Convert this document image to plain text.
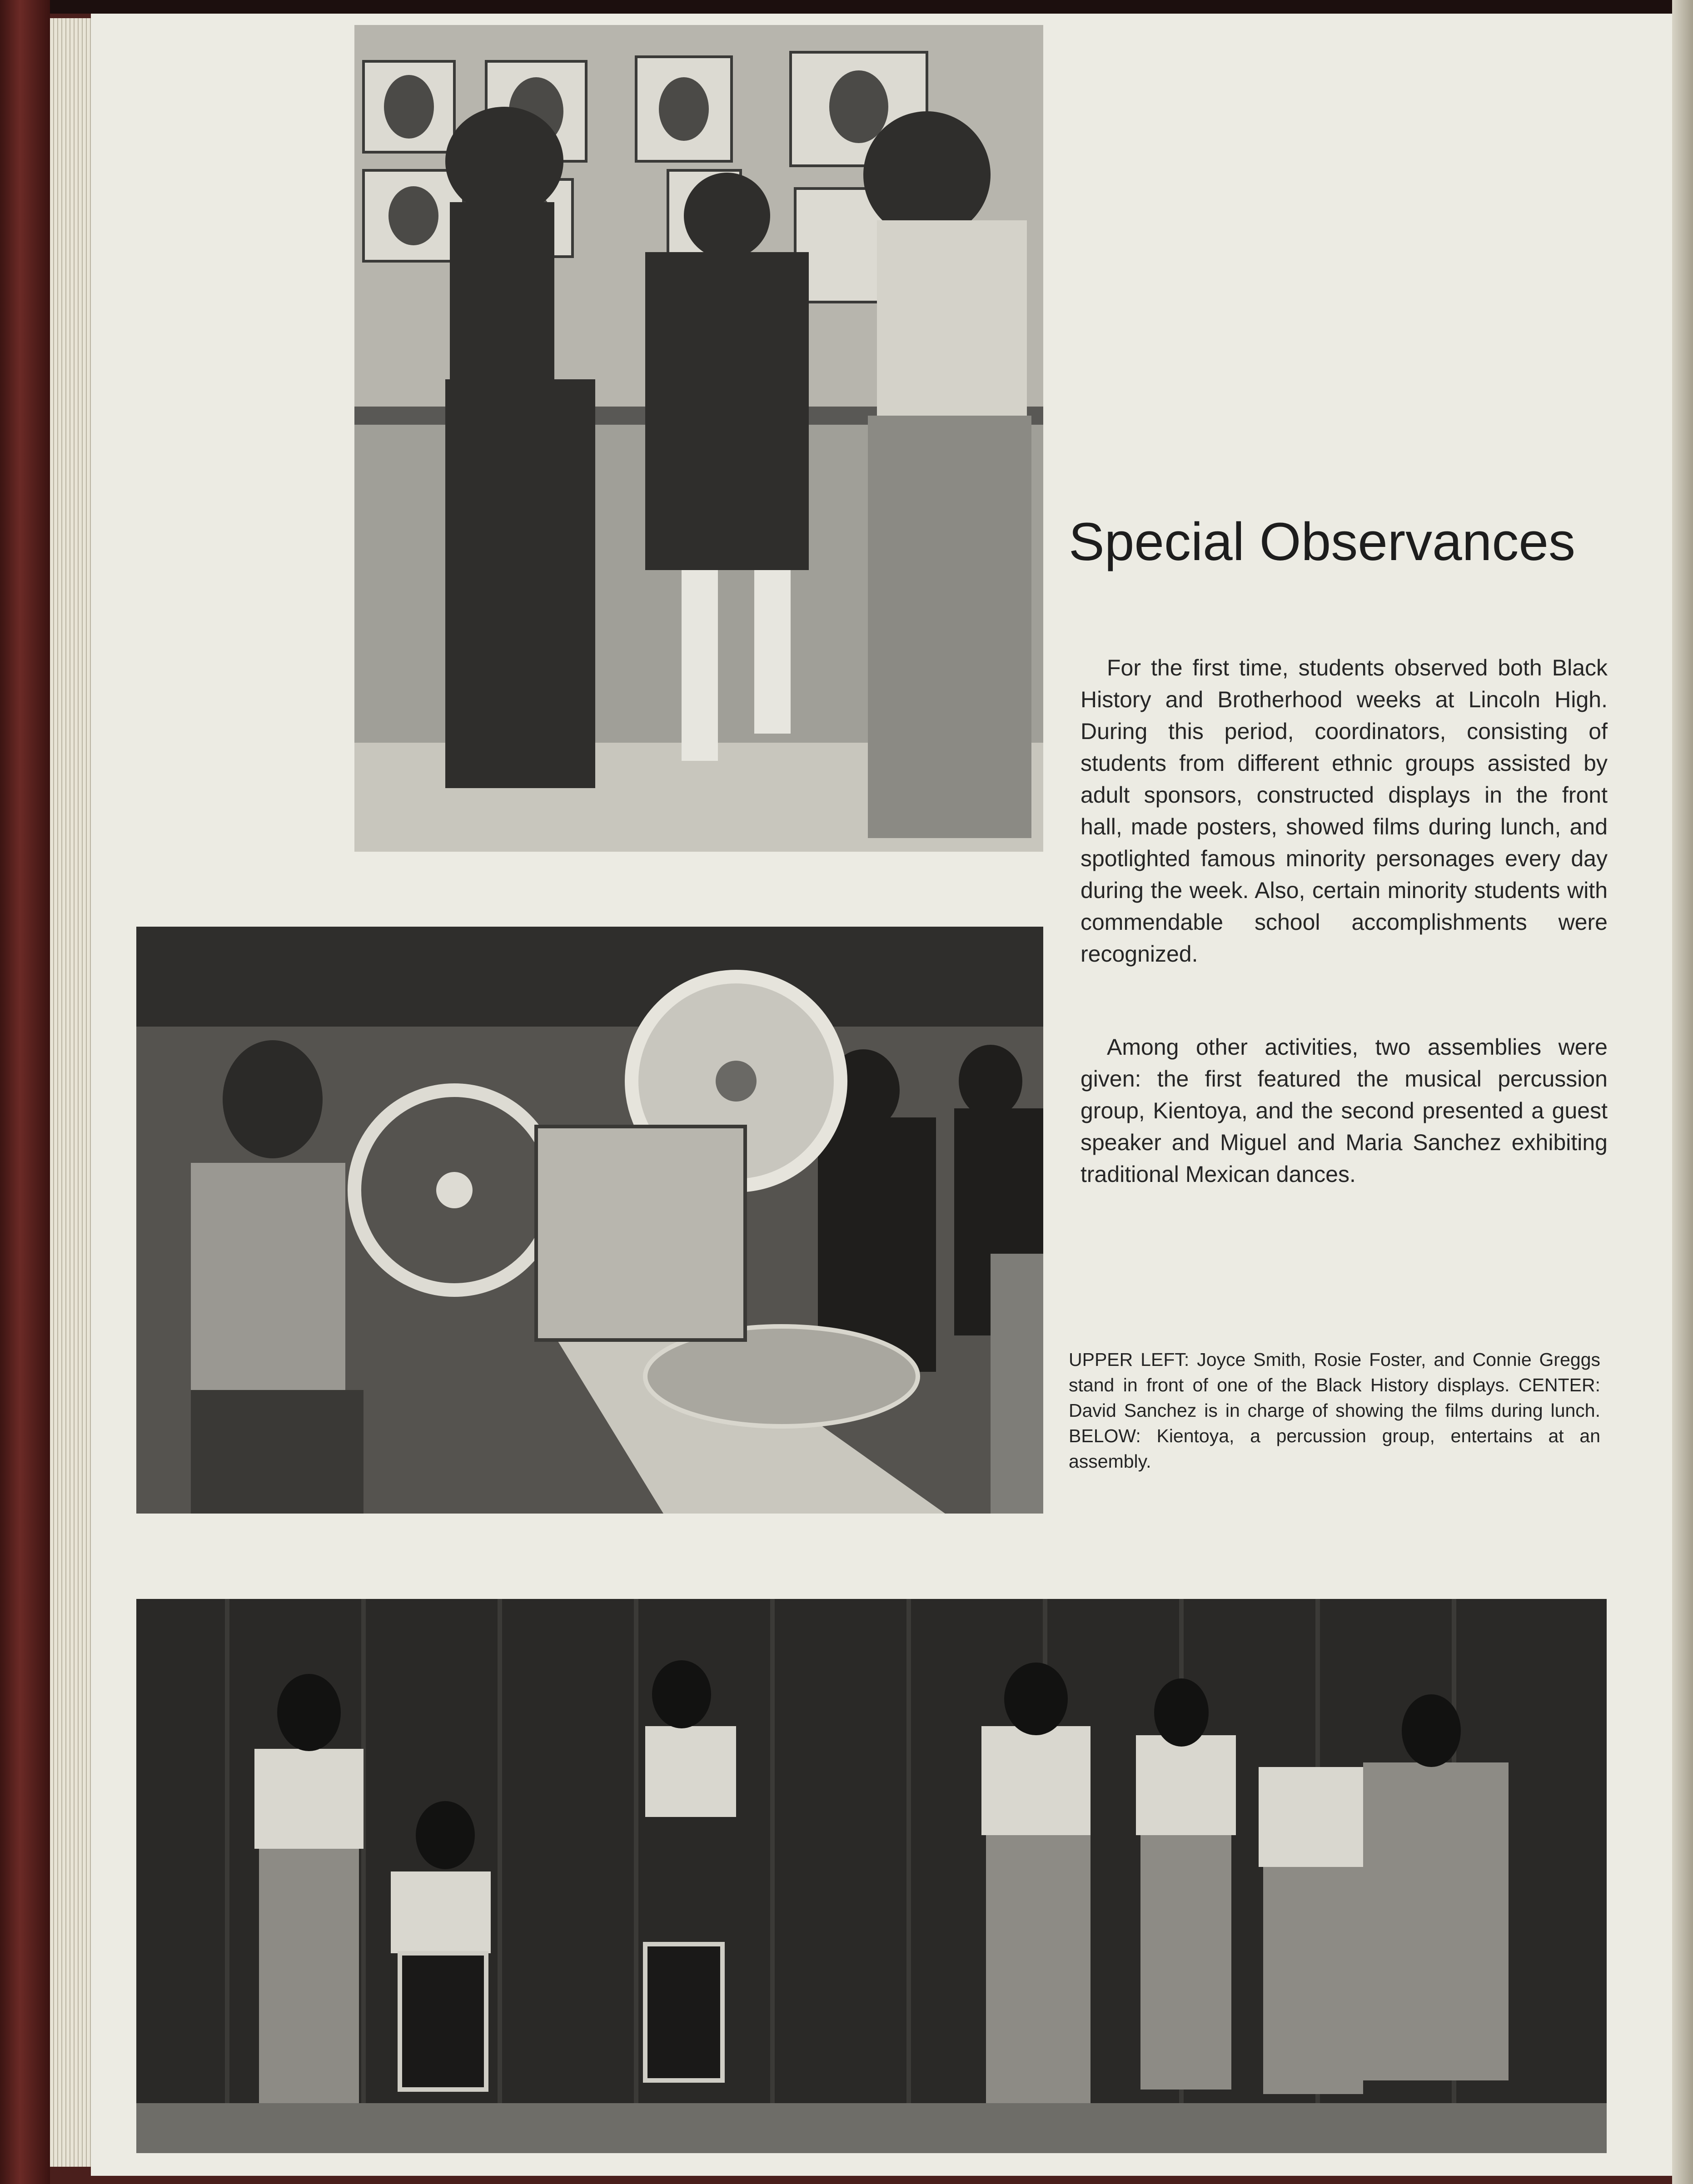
Special Observances

For the first time, students observed both Black History and Brotherhood weeks at Lincoln High. During this period, coordinators, consisting of students from different ethnic groups assisted by adult sponsors, constructed displays in the front hall, made posters, showed films during lunch, and spotlighted famous minority personages every day during the week. Also, certain minority students with commendable school accomplishments were recognized.

Among other activities, two assemblies were given: the first featured the musical percussion group, Kientoya, and the second presented a guest speaker and Miguel and Maria Sanchez exhibiting traditional Mexican dances.

UPPER LEFT: Joyce Smith, Rosie Foster, and Connie Greggs stand in front of one of the Black History displays. CENTER: David Sanchez is in charge of showing the films during lunch. BELOW: Kientoya, a percussion group, entertains at an assembly.
